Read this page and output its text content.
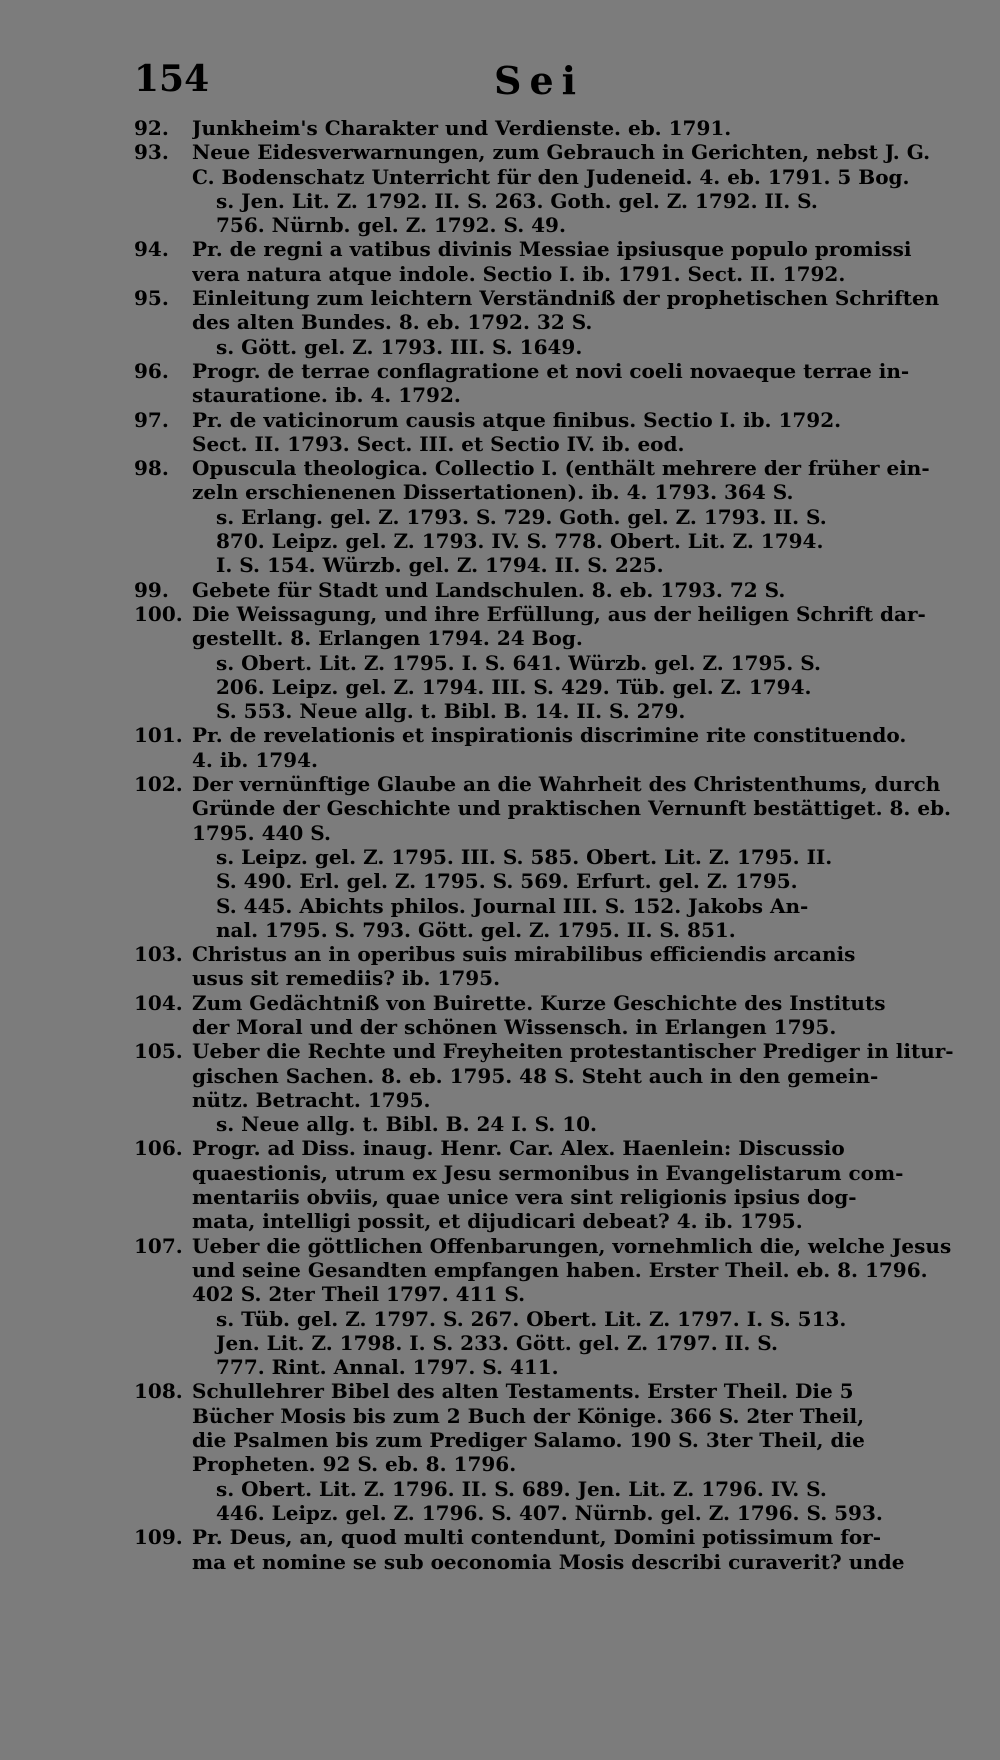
154	Sei
92.	Junkheim's Charakter und Verdienste. eb. 1791.
93.	Neue Eidesverwarnungen, zum Gebrauch in Gerichten, nebst J. G.
C. Bodenschatz Unterricht für den Judeneid. 4. eb. 1791. 5 Bog.
s. Jen. Lit. Z. 1792. II. S. 263. Goth. gel. Z. 1792. II. S.
756. Nürnb. gel. Z. 1792. S. 49.
94.	Pr. de regni a vatibus divinis Messiae ipsiusque populo promissi
vera natura atque indole. Sectio I. ib. 1791. Sect. II. 1792.
95.	Einleitung zum leichtern Verständniß der prophetischen Schriften
des alten Bundes. 8. eb. 1792. 32 S.
s. Gött. gel. Z. 1793. III. S. 1649.
96.	Progr. de terrae conflagratione et novi coeli novaeque terrae in-
stauratione. ib. 4. 1792.
97.	Pr. de vaticinorum causis atque finibus. Sectio I. ib. 1792.
Sect. II. 1793. Sect. III. et Sectio IV. ib. eod.
98.	Opuscula theologica. Collectio I. (enthält mehrere der früher ein-
zeln erschienenen Dissertationen). ib. 4. 1793. 364 S.
s. Erlang. gel. Z. 1793. S. 729. Goth. gel. Z. 1793. II. S.
870. Leipz. gel. Z. 1793. IV. S. 778. Obert. Lit. Z. 1794.
I. S. 154. Würzb. gel. Z. 1794. II. S. 225.
99.	Gebete für Stadt und Landschulen. 8. eb. 1793. 72 S.
100. Die Weissagung, und ihre Erfüllung, aus der heiligen Schrift dar-
gestellt. 8. Erlangen 1794. 24 Bog.
s. Obert. Lit. Z. 1795. I. S. 641. Würzb. gel. Z. 1795. S.
206. Leipz. gel. Z. 1794. III. S. 429. Tüb. gel. Z. 1794.
S. 553. Neue allg. t. Bibl. B. 14. II. S. 279.
101. Pr. de revelationis et inspirationis discrimine rite constituendo.
4. ib. 1794.
102. Der vernünftige Glaube an die Wahrheit des Christenthums, durch
Gründe der Geschichte und praktischen Vernunft bestättiget. 8. eb.
1795. 440 S.
s. Leipz. gel. Z. 1795. III. S. 585. Obert. Lit. Z. 1795. II.
S. 490. Erl. gel. Z. 1795. S. 569. Erfurt. gel. Z. 1795.
S. 445. Abichts philos. Journal III. S. 152. Jakobs An-
nal. 1795. S. 793. Gött. gel. Z. 1795. II. S. 851.
103. Christus an in operibus suis mirabilibus efficiendis arcanis
usus sit remediis? ib. 1795.
104. Zum Gedächtniß von Buirette. Kurze Geschichte des Instituts
der Moral und der schönen Wissensch. in Erlangen 1795.
105. Ueber die Rechte und Freyheiten protestantischer Prediger in litur-
gischen Sachen. 8. eb. 1795. 48 S. Steht auch in den gemein-
nütz. Betracht. 1795.
s. Neue allg. t. Bibl. B. 24 I. S. 10.
106. Progr. ad Diss. inaug. Henr. Car. Alex. Haenlein: Discussio
quaestionis, utrum ex Jesu sermonibus in Evangelistarum com-
mentariis obviis, quae unice vera sint religionis ipsius dog-
mata, intelligi possit, et dijudicari debeat? 4. ib. 1795.
107. Ueber die göttlichen Offenbarungen, vornehmlich die, welche Jesus
und seine Gesandten empfangen haben. Erster Theil. eb. 8. 1796.
402 S. 2ter Theil 1797. 411 S.
s. Tüb. gel. Z. 1797. S. 267. Obert. Lit. Z. 1797. I. S. 513.
Jen. Lit. Z. 1798. I. S. 233. Gött. gel. Z. 1797. II. S.
777. Rint. Annal. 1797. S. 411.
108. Schullehrer Bibel des alten Testaments. Erster Theil. Die 5
Bücher Mosis bis zum 2 Buch der Könige. 366 S. 2ter Theil,
die Psalmen bis zum Prediger Salamo. 190 S. 3ter Theil, die
Propheten. 92 S. eb. 8. 1796.
s. Obert. Lit. Z. 1796. II. S. 689. Jen. Lit. Z. 1796. IV. S.
446. Leipz. gel. Z. 1796. S. 407. Nürnb. gel. Z. 1796. S. 593.
109. Pr. Deus, an, quod multi contendunt, Domini potissimum for-
ma et nomine se sub oeconomia Mosis describi curaverit? unde
